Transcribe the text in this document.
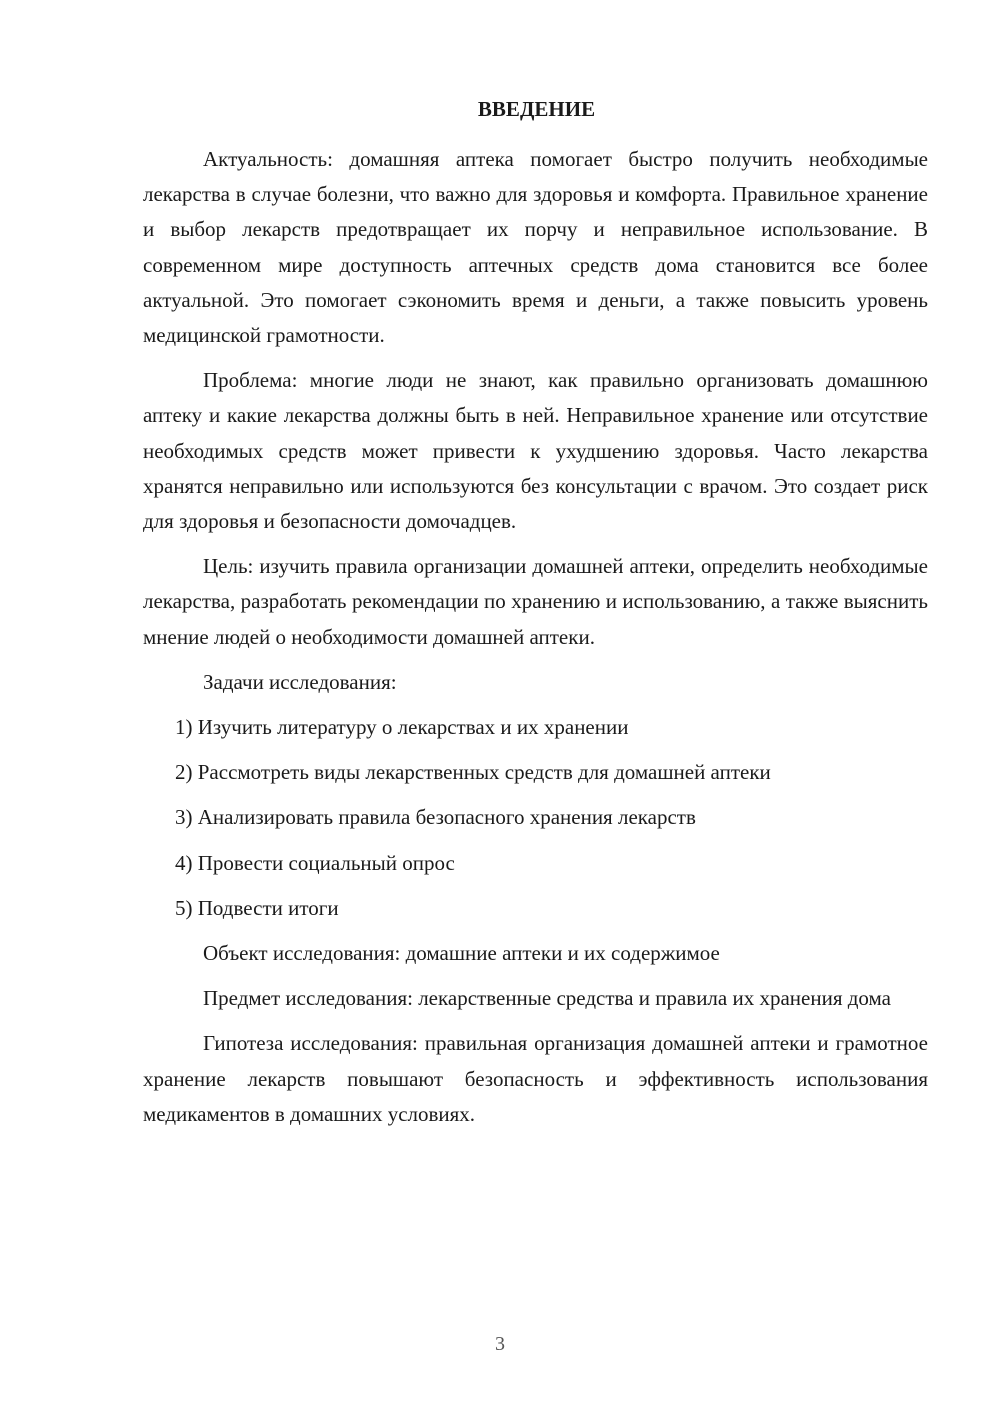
ВВЕДЕНИЕ

Актуальность: домашняя аптека помогает быстро получить необходимые лекарства в случае болезни, что важно для здоровья и комфорта. Правильное хранение и выбор лекарств предотвращает их порчу и неправильное использование. В современном мире доступность аптечных средств дома становится все более актуальной. Это помогает сэкономить время и деньги, а также повысить уровень медицинской грамотности.

Проблема: многие люди не знают, как правильно организовать домашнюю аптеку и какие лекарства должны быть в ней. Неправильное хранение или отсутствие необходимых средств может привести к ухудшению здоровья. Часто лекарства хранятся неправильно или используются без консультации с врачом. Это создает риск для здоровья и безопасности домочадцев.

Цель: изучить правила организации домашней аптеки, определить необходимые лекарства, разработать рекомендации по хранению и использованию, а также выяснить мнение людей о необходимости домашней аптеки.

Задачи исследования:

1) Изучить литературу о лекарствах и их хранении

2) Рассмотреть виды лекарственных средств для домашней аптеки

3) Анализировать правила безопасного хранения лекарств

4) Провести социальный опрос

5) Подвести итоги

Объект исследования: домашние аптеки и их содержимое

Предмет исследования: лекарственные средства и правила их хранения дома

Гипотеза исследования: правильная организация домашней аптеки и грамотное хранение лекарств повышают безопасность и эффективность использования медикаментов в домашних условиях.

3
